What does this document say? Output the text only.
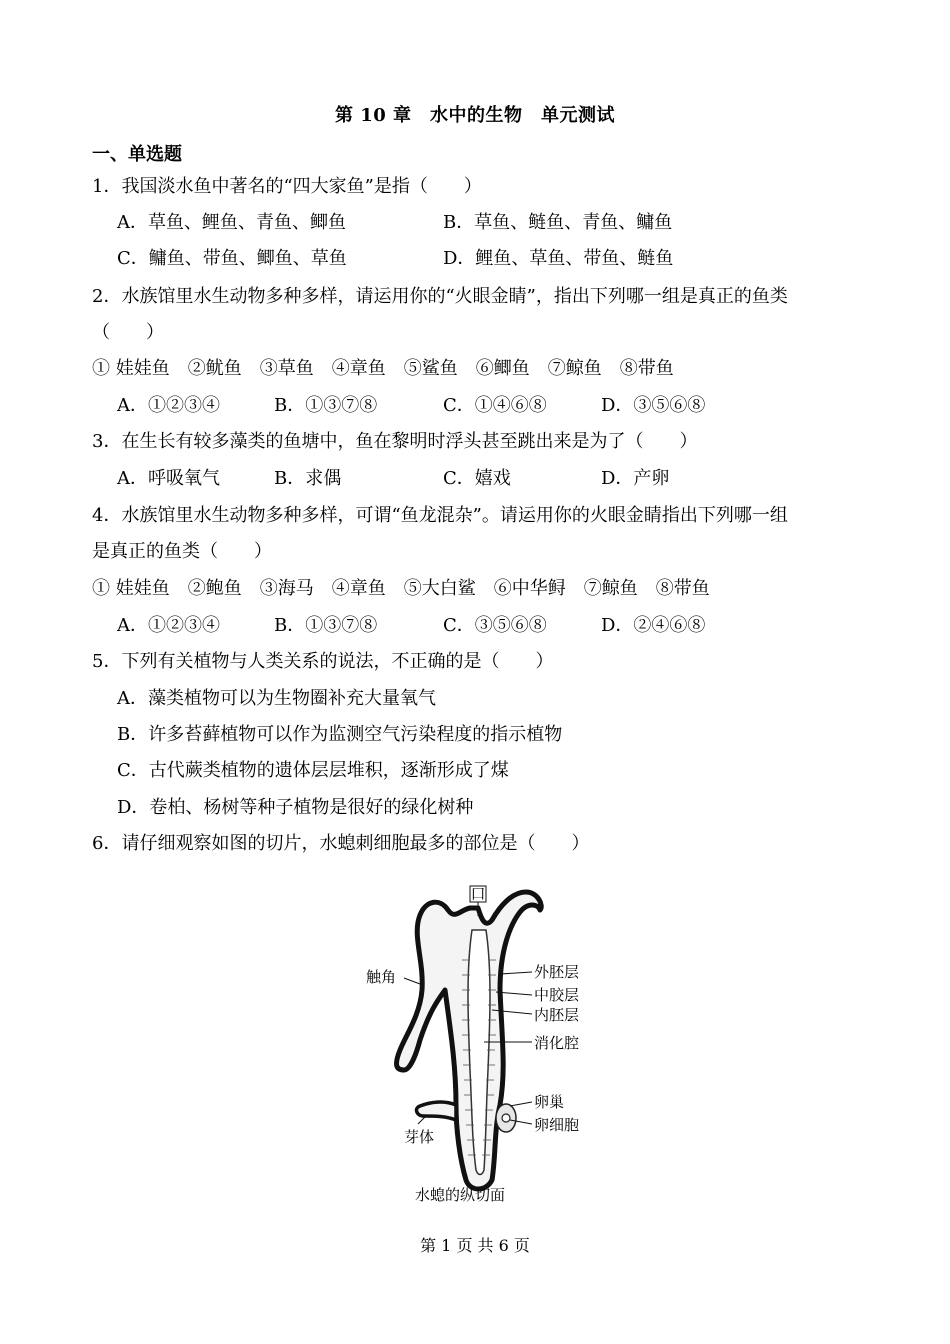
第 10 章　水中的生物　单元测试
一、单选题
1．我国淡水鱼中著名的“四大家鱼”是指（　　）
A．草鱼、鲤鱼、青鱼、鲫鱼	B．草鱼、鲢鱼、青鱼、鳙鱼
C．鳙鱼、带鱼、鲫鱼、草鱼	D．鲤鱼、草鱼、带鱼、鲢鱼
2．水族馆里水生动物多种多样，请运用你的“火眼金睛”，指出下列哪一组是真正的鱼类
（　　）
① 娃娃鱼　②鱿鱼　③草鱼　④章鱼　⑤鲨鱼　⑥鲫鱼　⑦鲸鱼　⑧带鱼
A．①②③④	B．①③⑦⑧	C．①④⑥⑧	D．③⑤⑥⑧
3．在生长有较多藻类的鱼塘中，鱼在黎明时浮头甚至跳出来是为了（　　）
A．呼吸氧气	B．求偶	C．嬉戏	D．产卵
4．水族馆里水生动物多种多样，可谓“鱼龙混杂”。请运用你的火眼金睛指出下列哪一组
是真正的鱼类（　　）
① 娃娃鱼　②鲍鱼　③海马　④章鱼　⑤大白鲨　⑥中华鲟　⑦鲸鱼　⑧带鱼
A．①②③④	B．①③⑦⑧	C．③⑤⑥⑧	D．②④⑥⑧
5．下列有关植物与人类关系的说法，不正确的是（　　）
A．藻类植物可以为生物圈补充大量氧气
B．许多苔藓植物可以作为监测空气污染程度的指示植物
C．古代蕨类植物的遗体层层堆积，逐渐形成了煤
D．卷柏、杨树等种子植物是很好的绿化树种
6．请仔细观察如图的切片，水螅刺细胞最多的部位是（　　）
口
触角	外胚层
中胶层
内胚层
消化腔
卵巢
卵细胞
芽体
水螅的纵切面
第 1 页 共 6 页
